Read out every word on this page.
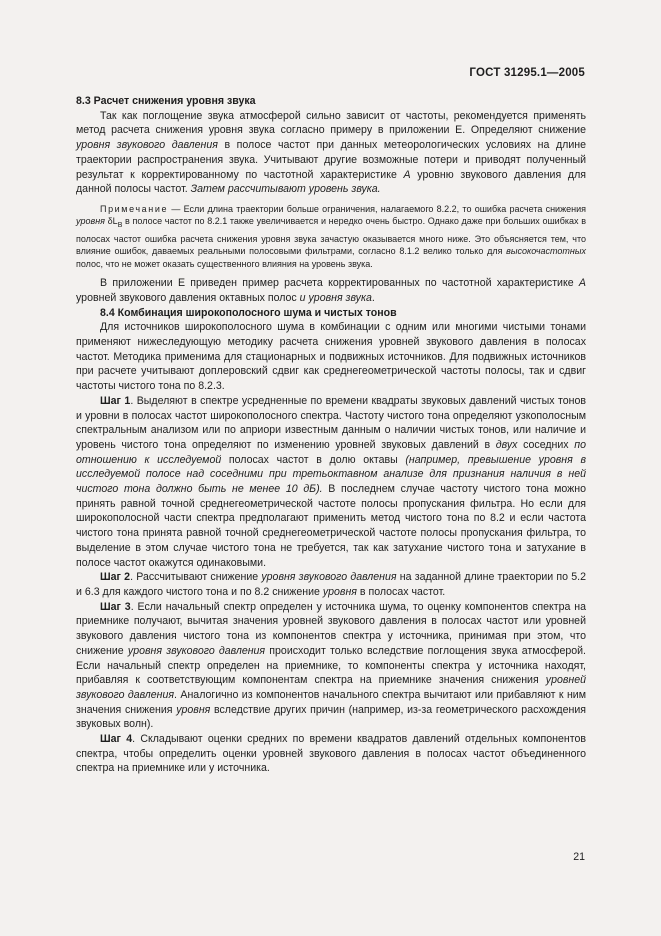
ГОСТ 31295.1—2005
8.3 Расчет снижения уровня звука

Так как поглощение звука атмосферой сильно зависит от частоты, рекомендуется применять метод расчета снижения уровня звука согласно примеру в приложении Е. Определяют снижение уровня звукового давления в полосе частот при данных метеорологических условиях на длине траектории распространения звука. Учитывают другие возможные потери и приводят полученный результат к корректированному по частотной характеристике А уровню звукового давления для данной полосы частот. Затем рассчитывают уровень звука.

Примечание — Если длина траектории больше ограничения, налагаемого 8.2.2, то ошибка расчета снижения уровня $\delta L_B$ в полосе частот по 8.2.1 также увеличивается и нередко очень быстро. Однако даже при больших ошибках в полосах частот ошибка расчета снижения уровня звука зачастую оказывается много ниже. Это объясняется тем, что влияние ошибок, даваемых реальными полосовыми фильтрами, согласно 8.1.2 велико только для высокочастотных полос, что не может оказать существенного влияния на уровень звука.

В приложении Е приведен пример расчета корректированных по частотной характеристике А уровней звукового давления октавных полос и уровня звука.

8.4 Комбинация широкополосного шума и чистых тонов

Для источников широкополосного шума в комбинации с одним или многими чистыми тонами применяют нижеследующую методику расчета снижения уровней звукового давления в полосах частот. Методика применима для стационарных и подвижных источников. Для подвижных источников при расчете учитывают доплеровский сдвиг как среднегеометрической частоты полосы, так и сдвиг частоты чистого тона по 8.2.3.

Шаг 1. Выделяют в спектре усредненные по времени квадраты звуковых давлений чистых тонов и уровни в полосах частот широкополосного спектра. Частоту чистого тона определяют узкополосным спектральным анализом или по априори известным данным о наличии чистых тонов, или наличие и уровень чистого тона определяют по изменению уровней звуковых давлений в двух соседних по отношению к исследуемой полосах частот в долю октавы (например, превышение уровня в исследуемой полосе над соседними при третьоктавном анализе для признания наличия в ней чистого тона должно быть не менее 10 дБ). В последнем случае частоту чистого тона можно принять равной точной среднегеометрической частоте полосы пропускания фильтра. Но если для широкополосной части спектра предполагают применить метод чистого тона по 8.2 и если частота чистого тона принята равной точной среднегеометрической частоте полосы пропускания фильтра, то выделение в этом случае чистого тона не требуется, так как затухание чистого тона и затухание в полосе частот окажутся одинаковыми.

Шаг 2. Рассчитывают снижение уровня звукового давления на заданной длине траектории по 5.2 и 6.3 для каждого чистого тона и по 8.2 снижение уровня в полосах частот.

Шаг 3. Если начальный спектр определен у источника шума, то оценку компонентов спектра на приемнике получают, вычитая значения уровней звукового давления в полосах частот или уровней звукового давления чистого тона из компонентов спектра у источника, принимая при этом, что снижение уровня звукового давления происходит только вследствие поглощения звука атмосферой. Если начальный спектр определен на приемнике, то компоненты спектра у источника находят, прибавляя к соответствующим компонентам спектра на приемнике значения снижения уровней звукового давления. Аналогично из компонентов начального спектра вычитают или прибавляют к ним значения снижения уровня вследствие других причин (например, из-за геометрического расхождения звуковых волн).

Шаг 4. Складывают оценки средних по времени квадратов давлений отдельных компонентов спектра, чтобы определить оценки уровней звукового давления в полосах частот объединенного спектра на приемнике или у источника.

21
